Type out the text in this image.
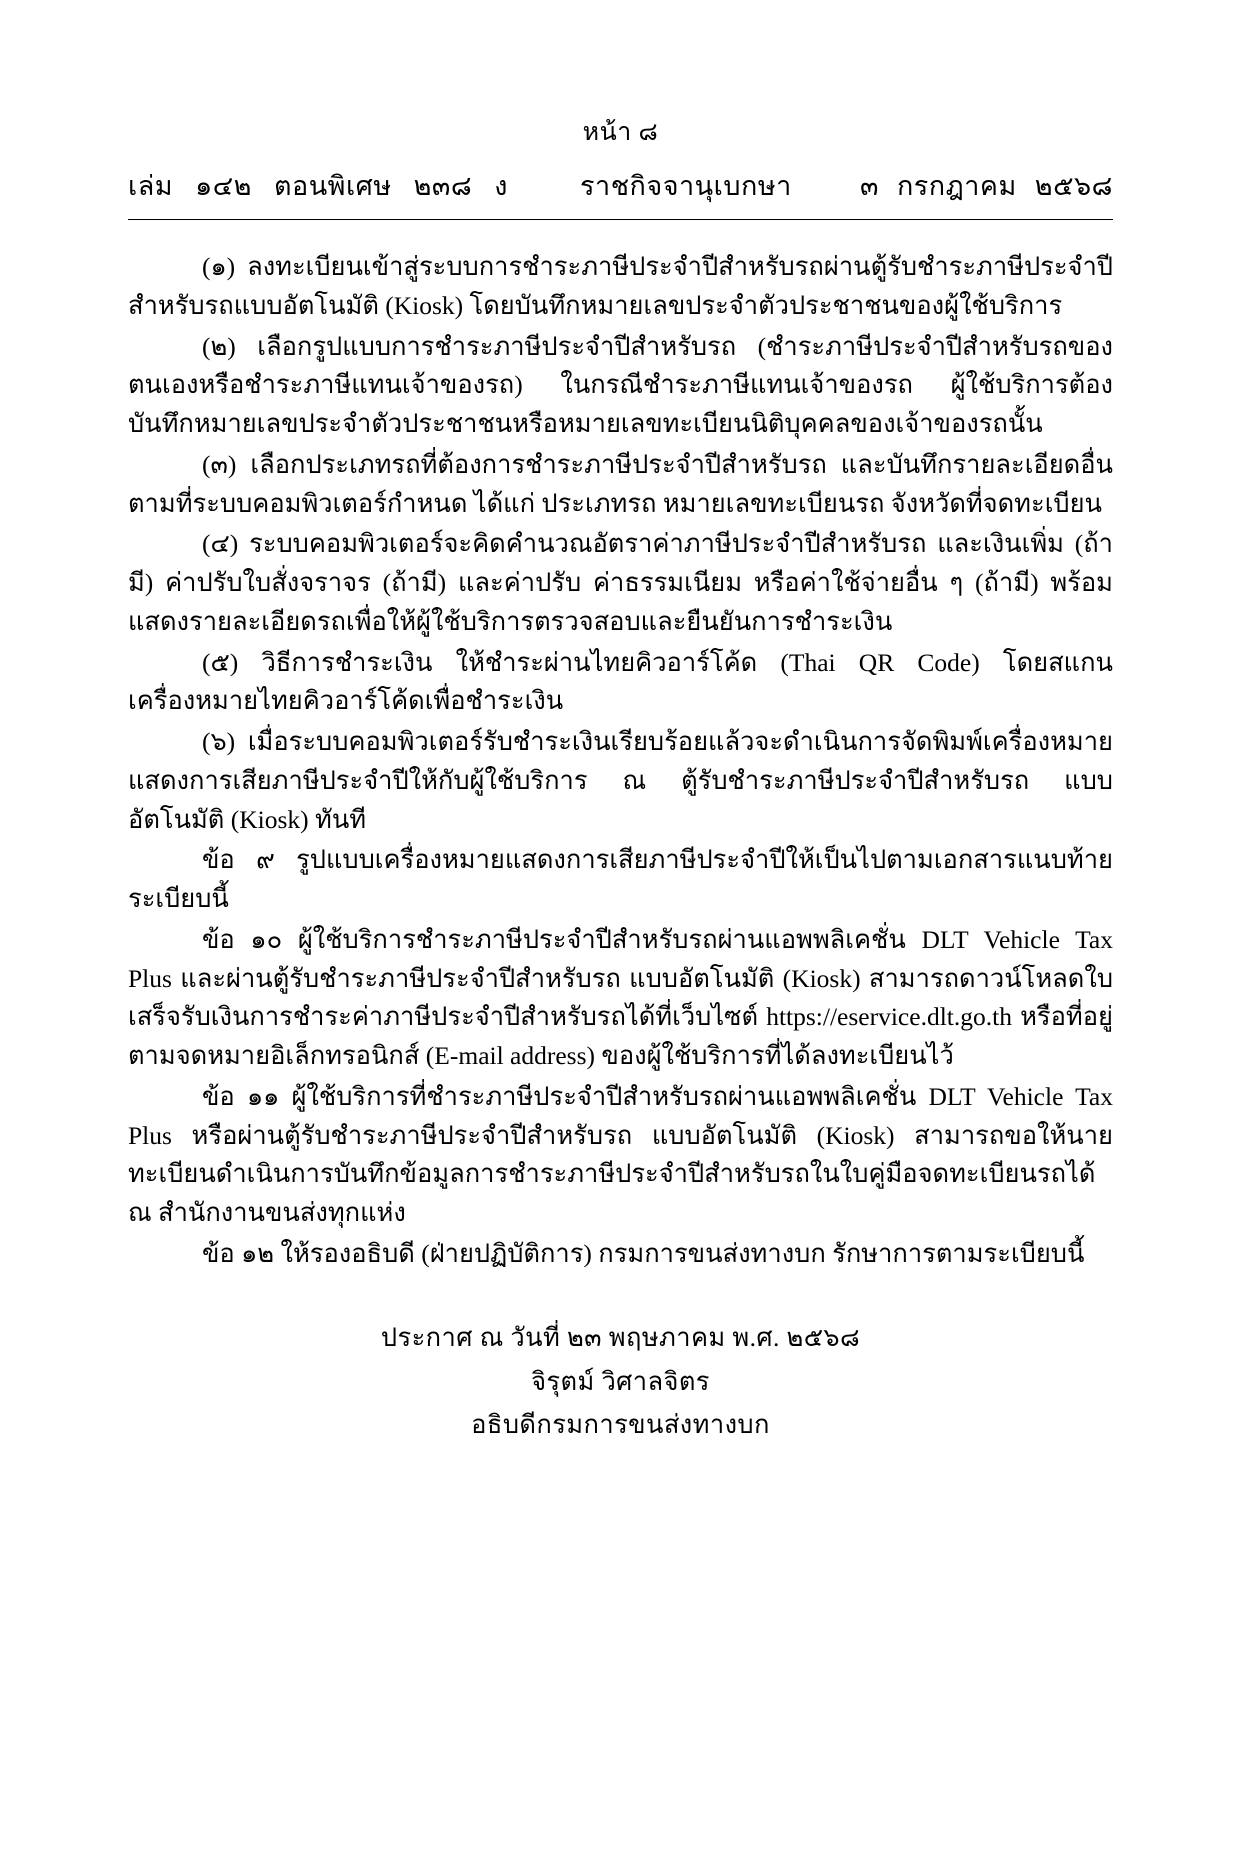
หน้า ๘
เล่ม ๑๔๒ ตอนพิเศษ ๒๓๘ ง	ราชกิจจานุเบกษา	๓ กรกฎาคม ๒๕๖๘

(๑) ลงทะเบียนเข้าสู่ระบบการชำระภาษีประจำปีสำหรับรถผ่านตู้รับชำระภาษีประจำปีสำหรับรถแบบอัตโนมัติ (Kiosk) โดยบันทึกหมายเลขประจำตัวประชาชนของผู้ใช้บริการ

(๒) เลือกรูปแบบการชำระภาษีประจำปีสำหรับรถ (ชำระภาษีประจำปีสำหรับรถของตนเองหรือชำระภาษีแทนเจ้าของรถ) ในกรณีชำระภาษีแทนเจ้าของรถ ผู้ใช้บริการต้องบันทึกหมายเลขประจำตัวประชาชนหรือหมายเลขทะเบียนนิติบุคคลของเจ้าของรถนั้น

(๓) เลือกประเภทรถที่ต้องการชำระภาษีประจำปีสำหรับรถ และบันทึกรายละเอียดอื่นตามที่ระบบคอมพิวเตอร์กำหนด ได้แก่ ประเภทรถ หมายเลขทะเบียนรถ จังหวัดที่จดทะเบียน

(๔) ระบบคอมพิวเตอร์จะคิดคำนวณอัตราค่าภาษีประจำปีสำหรับรถ และเงินเพิ่ม (ถ้ามี) ค่าปรับใบสั่งจราจร (ถ้ามี) และค่าปรับ ค่าธรรมเนียม หรือค่าใช้จ่ายอื่น ๆ (ถ้ามี) พร้อมแสดงรายละเอียดรถเพื่อให้ผู้ใช้บริการตรวจสอบและยืนยันการชำระเงิน

(๕) วิธีการชำระเงิน ให้ชำระผ่านไทยคิวอาร์โค้ด (Thai QR Code) โดยสแกนเครื่องหมายไทยคิวอาร์โค้ดเพื่อชำระเงิน

(๖) เมื่อระบบคอมพิวเตอร์รับชำระเงินเรียบร้อยแล้วจะดำเนินการจัดพิมพ์เครื่องหมายแสดงการเสียภาษีประจำปีให้กับผู้ใช้บริการ ณ ตู้รับชำระภาษีประจำปีสำหรับรถ แบบอัตโนมัติ (Kiosk) ทันที

ข้อ ๙ รูปแบบเครื่องหมายแสดงการเสียภาษีประจำปีให้เป็นไปตามเอกสารแนบท้ายระเบียบนี้

ข้อ ๑๐ ผู้ใช้บริการชำระภาษีประจำปีสำหรับรถผ่านแอพพลิเคชั่น DLT Vehicle Tax Plus และผ่านตู้รับชำระภาษีประจำปีสำหรับรถ แบบอัตโนมัติ (Kiosk) สามารถดาวน์โหลดใบเสร็จรับเงินการชำระค่าภาษีประจำปีสำหรับรถได้ที่เว็บไซต์ https://eservice.dlt.go.th หรือที่อยู่ตามจดหมายอิเล็กทรอนิกส์ (E-mail address) ของผู้ใช้บริการที่ได้ลงทะเบียนไว้

ข้อ ๑๑ ผู้ใช้บริการที่ชำระภาษีประจำปีสำหรับรถผ่านแอพพลิเคชั่น DLT Vehicle Tax Plus หรือผ่านตู้รับชำระภาษีประจำปีสำหรับรถ แบบอัตโนมัติ (Kiosk) สามารถขอให้นายทะเบียนดำเนินการบันทึกข้อมูลการชำระภาษีประจำปีสำหรับรถในใบคู่มือจดทะเบียนรถได้ ณ สำนักงานขนส่งทุกแห่ง

ข้อ ๑๒ ให้รองอธิบดี (ฝ่ายปฏิบัติการ) กรมการขนส่งทางบก รักษาการตามระเบียบนี้

ประกาศ ณ วันที่ ๒๓ พฤษภาคม พ.ศ. ๒๕๖๘
จิรุตม์ วิศาลจิตร
อธิบดีกรมการขนส่งทางบก
